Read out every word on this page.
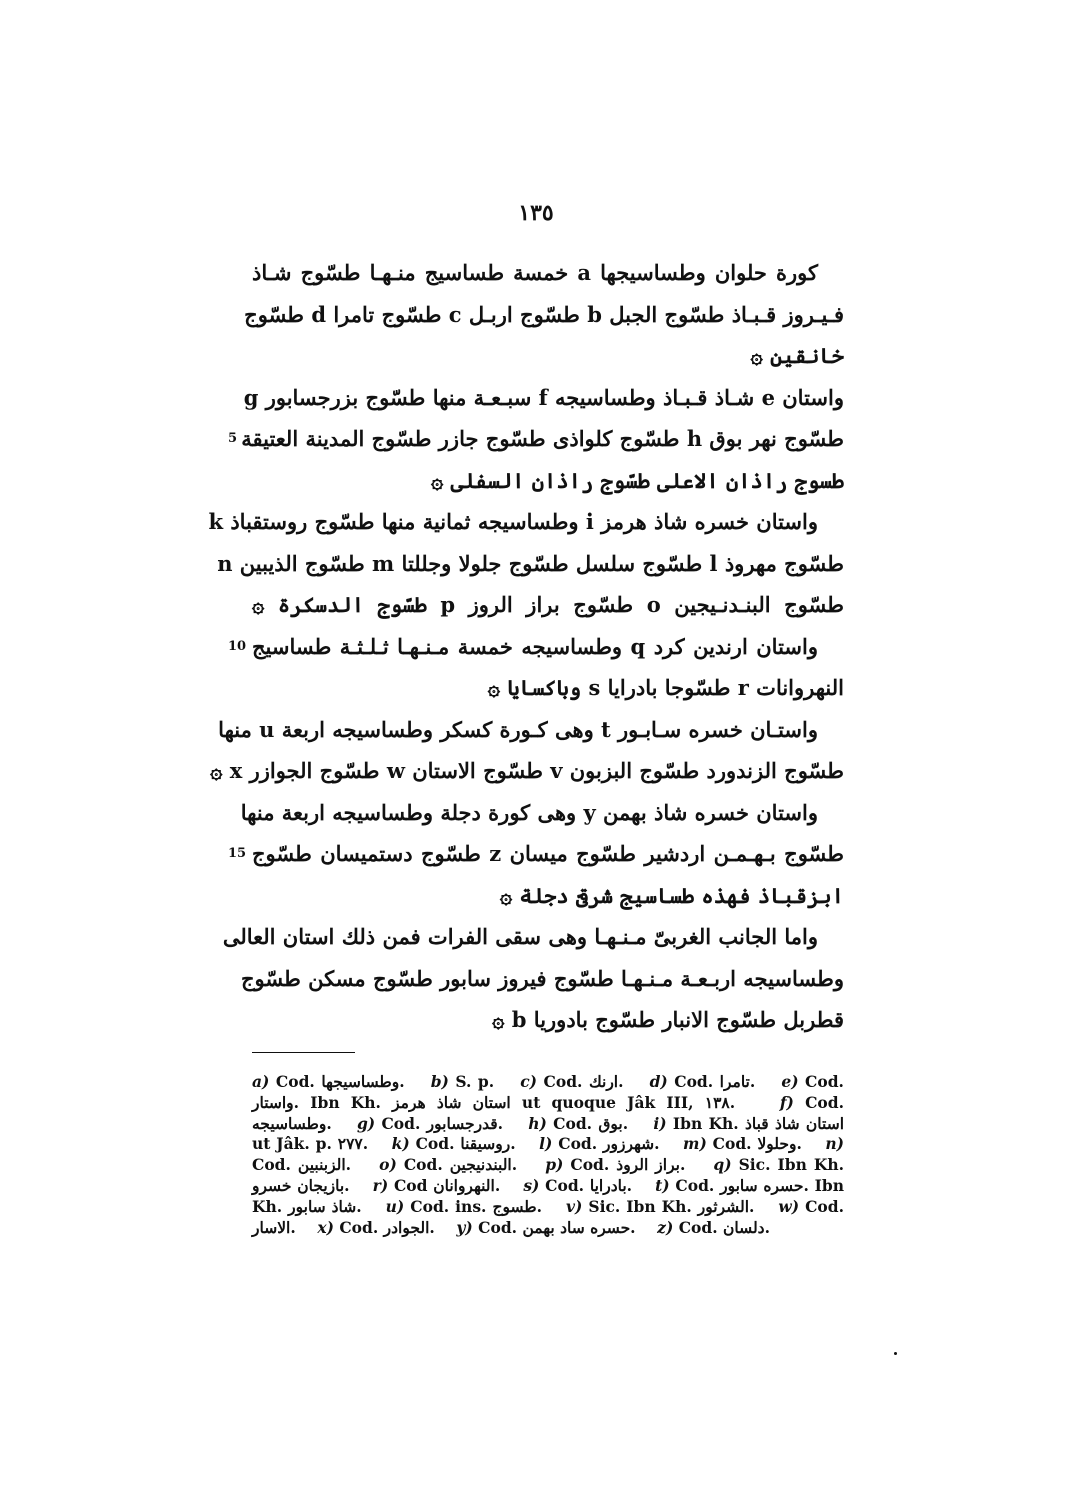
١٣٥
كورة حلوان وطساسيجها a خمسة طساسيج منـهـا طسّوج شـاذ
فـيـروز قـبـاذ طسّوج الجبل b طسّوج اربـل c طسّوج تامرا d طسّوج
خانقين ۞
واستان e شـاذ قـبـاذ وطساسيجه f سبـعـة منها طسّوج بزرجسابور g
طسّوج نهر بوق h طسّوج كلواذى طسّوج جازر طسّوج المدينة العتيقة
5
طسوج راذان الاعلى طسّوج راذان السفلى ۞
واستان خسره شاذ هرمز i وطساسيجه ثمانية منها طسّوج روستقباذ k
طسّوج مهروذ l طسّوج سلسل طسّوج جلولا وجللتا m طسّوج الذيبين n
طسّوج البنـدنـيجين o طسّوج براز الروز p طسّوج الدسكرة ۞
واستان ارندين كرد q وطساسيجه خمسة مـنـهـا ثـلـثـة طساسيج
10
النهروانات r طسّوجا بادرايا s وباكسايا ۞
واستـان خسره سـابـور t وهى كـورة كسكر وطساسيجه اربعة u منها
طسّوج الزندورد طسّوج البزبون v طسّوج الاستان w طسّوج الجوازر x ۞
واستان خسره شاذ بهمن y وهى كورة دجلة وطساسيجه اربعة منها
طسّوج بـهـمـن اردشير طسّوج ميسان z طسّوج دستميسان طسّوج
15
ابزقباذ فهذه طساسيج شرقىّ دجلة ۞
واما الجانب الغربىّ مـنـهـا وهى سقى الفرات فمن ذلك استان العالى
وطساسيجه اربـعـة مـنـهـا طسّوج فيروز سابور طسّوج مسكن طسّوج
قطربل طسّوج الانبار طسّوج بادوريا b ۞
a) Cod. وطساسيجها. b) S. p. c) Cod. ارنك. d) Cod. تامرا. e) Cod. واستار. Ibn Kh. استان شاذ هرمز ut quoque Jâk III, ١٣٨.	f) Cod. وطساسيجه. g) Cod. قدرجسابور. h) Cod. بوق. i) Ibn Kh. استان شاذ قباذ ut Jâk. p. ٢٧٧. k) Cod. روسيقنا. l) Cod. شهرزور. m) Cod. وحلولا. n) Cod. الزبنبين. o) Cod. البندنيجين. p) Cod. براز الروذ. q) Sic. Ibn Kh. بازيجان خسرو. r) Cod النهروانان. s) Cod. بادرايا. t) Cod. حسره سابور. Ibn Kh. شاذ سابور. u) Cod. ins. طسوج. v) Sic. Ibn Kh. الشرثور. w) Cod. الاسار. x) Cod. الجوادر. y) Cod. حسره ساد بهمن. z) Cod. دلسان.
